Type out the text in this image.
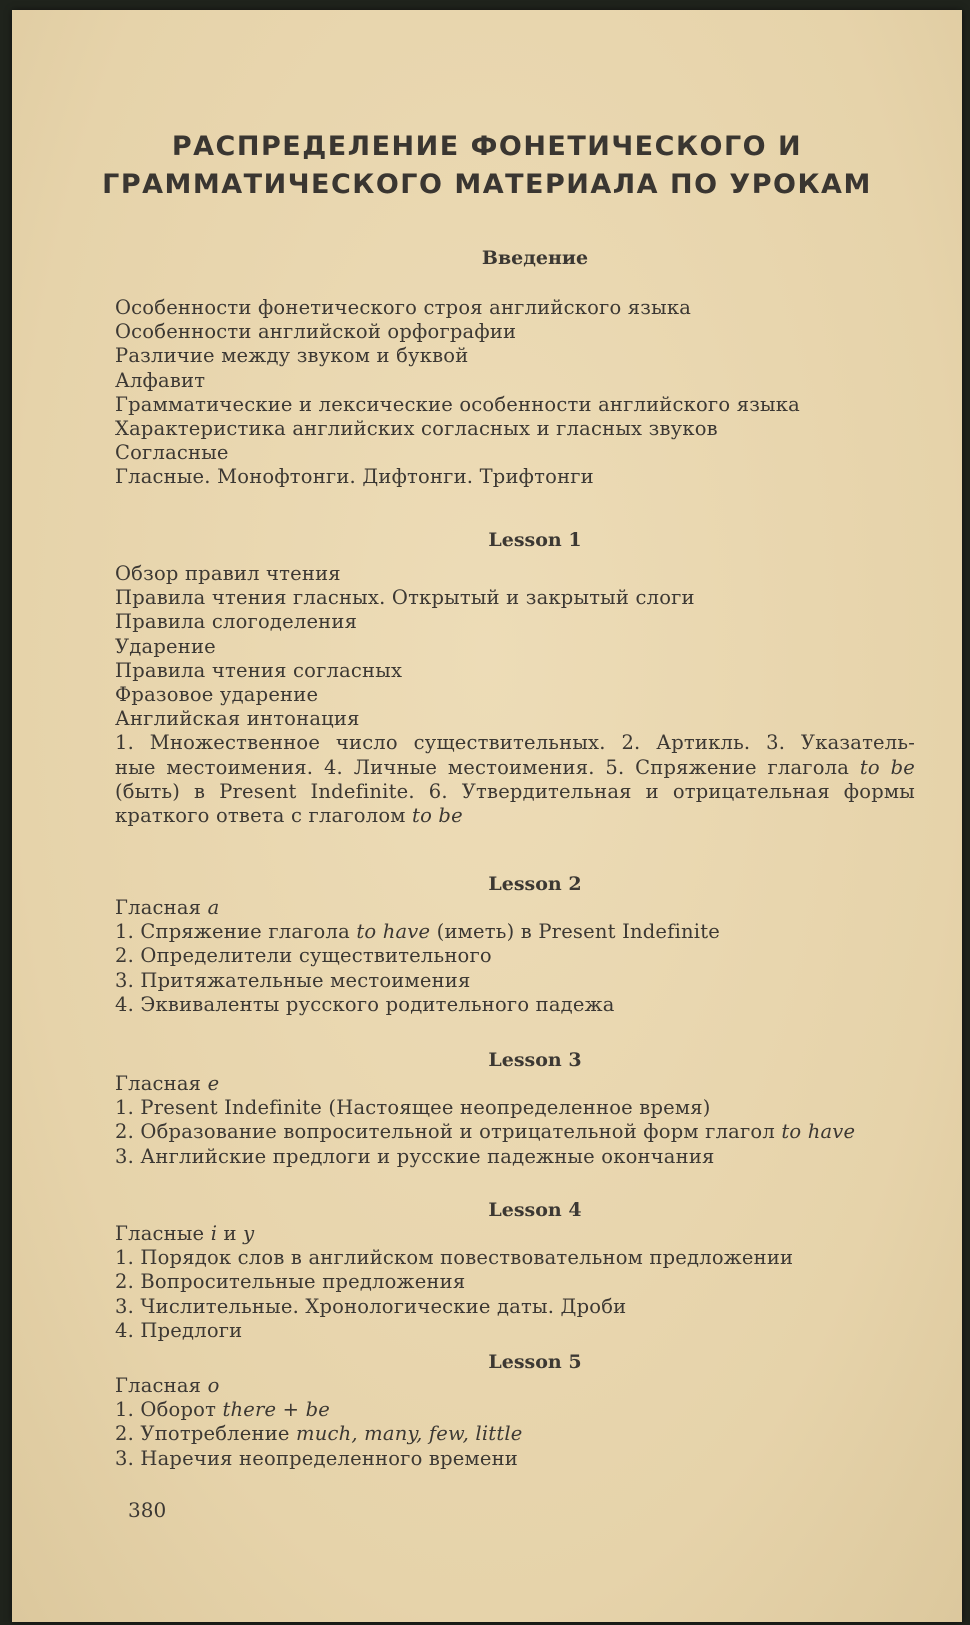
РАСПРЕДЕЛЕНИЕ ФОНЕТИЧЕСКОГО И
ГРАММАТИЧЕСКОГО МАТЕРИАЛА ПО УРОКАМ
Введение
Особенности фонетического строя английского языка
Особенности английской орфографии
Различие между звуком и буквой
Алфавит
Грамматические и лексические особенности английского языка
Характеристика английских согласных и гласных звуков
Согласные
Гласные. Монофтонги. Дифтонги. Трифтонги
Lesson 1
Обзор правил чтения
Правила чтения гласных. Открытый и закрытый слоги
Правила слогоделения
Ударение
Правила чтения согласных
Фразовое ударение
Английская интонация
1. Множественное число существительных. 2. Артикль. 3. Указатель-
ные местоимения. 4. Личные местоимения. 5. Спряжение глагола to be
(быть) в Present Indefinite. 6. Утвердительная и отрицательная формы
краткого ответа с глаголом to be
Lesson 2
Гласная a
1. Спряжение глагола to have (иметь) в Present Indefinite
2. Определители существительного
3. Притяжательные местоимения
4. Эквиваленты русского родительного падежа
Lesson 3
Гласная e
1. Present Indefinite (Настоящее неопределенное время)
2. Образование вопросительной и отрицательной форм глагол to have
3. Английские предлоги и русские падежные окончания
Lesson 4
Гласные i и y
1. Порядок слов в английском повествовательном предложении
2. Вопросительные предложения
3. Числительные. Хронологические даты. Дроби
4. Предлоги
Lesson 5
Гласная o
1. Оборот there + be
2. Употребление much, many, few, little
3. Наречия неопределенного времени
380
